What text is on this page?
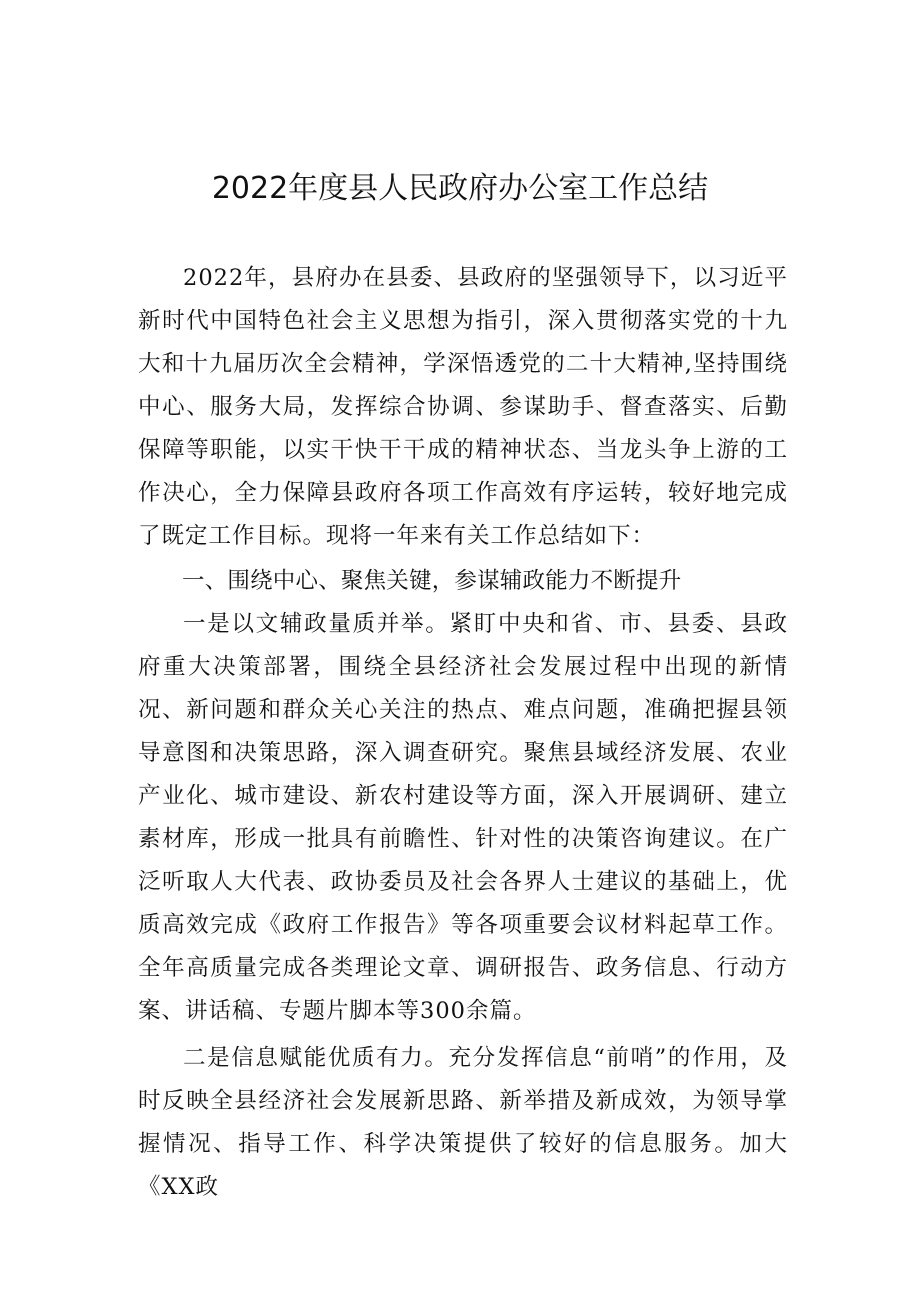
2022年度县人民政府办公室工作总结

2022年，县府办在县委、县政府的坚强领导下，以习近平新时代中国特色社会主义思想为指引，深入贯彻落实党的十九大和十九届历次全会精神，学深悟透党的二十大精神,坚持围绕中心、服务大局，发挥综合协调、参谋助手、督查落实、后勤保障等职能，以实干快干干成的精神状态、当龙头争上游的工作决心，全力保障县政府各项工作高效有序运转，较好地完成了既定工作目标。现将一年来有关工作总结如下：

一、围绕中心、聚焦关键，参谋辅政能力不断提升

一是以文辅政量质并举。紧盯中央和省、市、县委、县政府重大决策部署，围绕全县经济社会发展过程中出现的新情况、新问题和群众关心关注的热点、难点问题，准确把握县领导意图和决策思路，深入调查研究。聚焦县域经济发展、农业产业化、城市建设、新农村建设等方面，深入开展调研、建立素材库，形成一批具有前瞻性、针对性的决策咨询建议。在广泛听取人大代表、政协委员及社会各界人士建议的基础上，优质高效完成《政府工作报告》等各项重要会议材料起草工作。全年高质量完成各类理论文章、调研报告、政务信息、行动方案、讲话稿、专题片脚本等300余篇。

二是信息赋能优质有力。充分发挥信息“前哨”的作用，及时反映全县经济社会发展新思路、新举措及新成效，为领导掌握情况、指导工作、科学决策提供了较好的信息服务。加大《XX政
